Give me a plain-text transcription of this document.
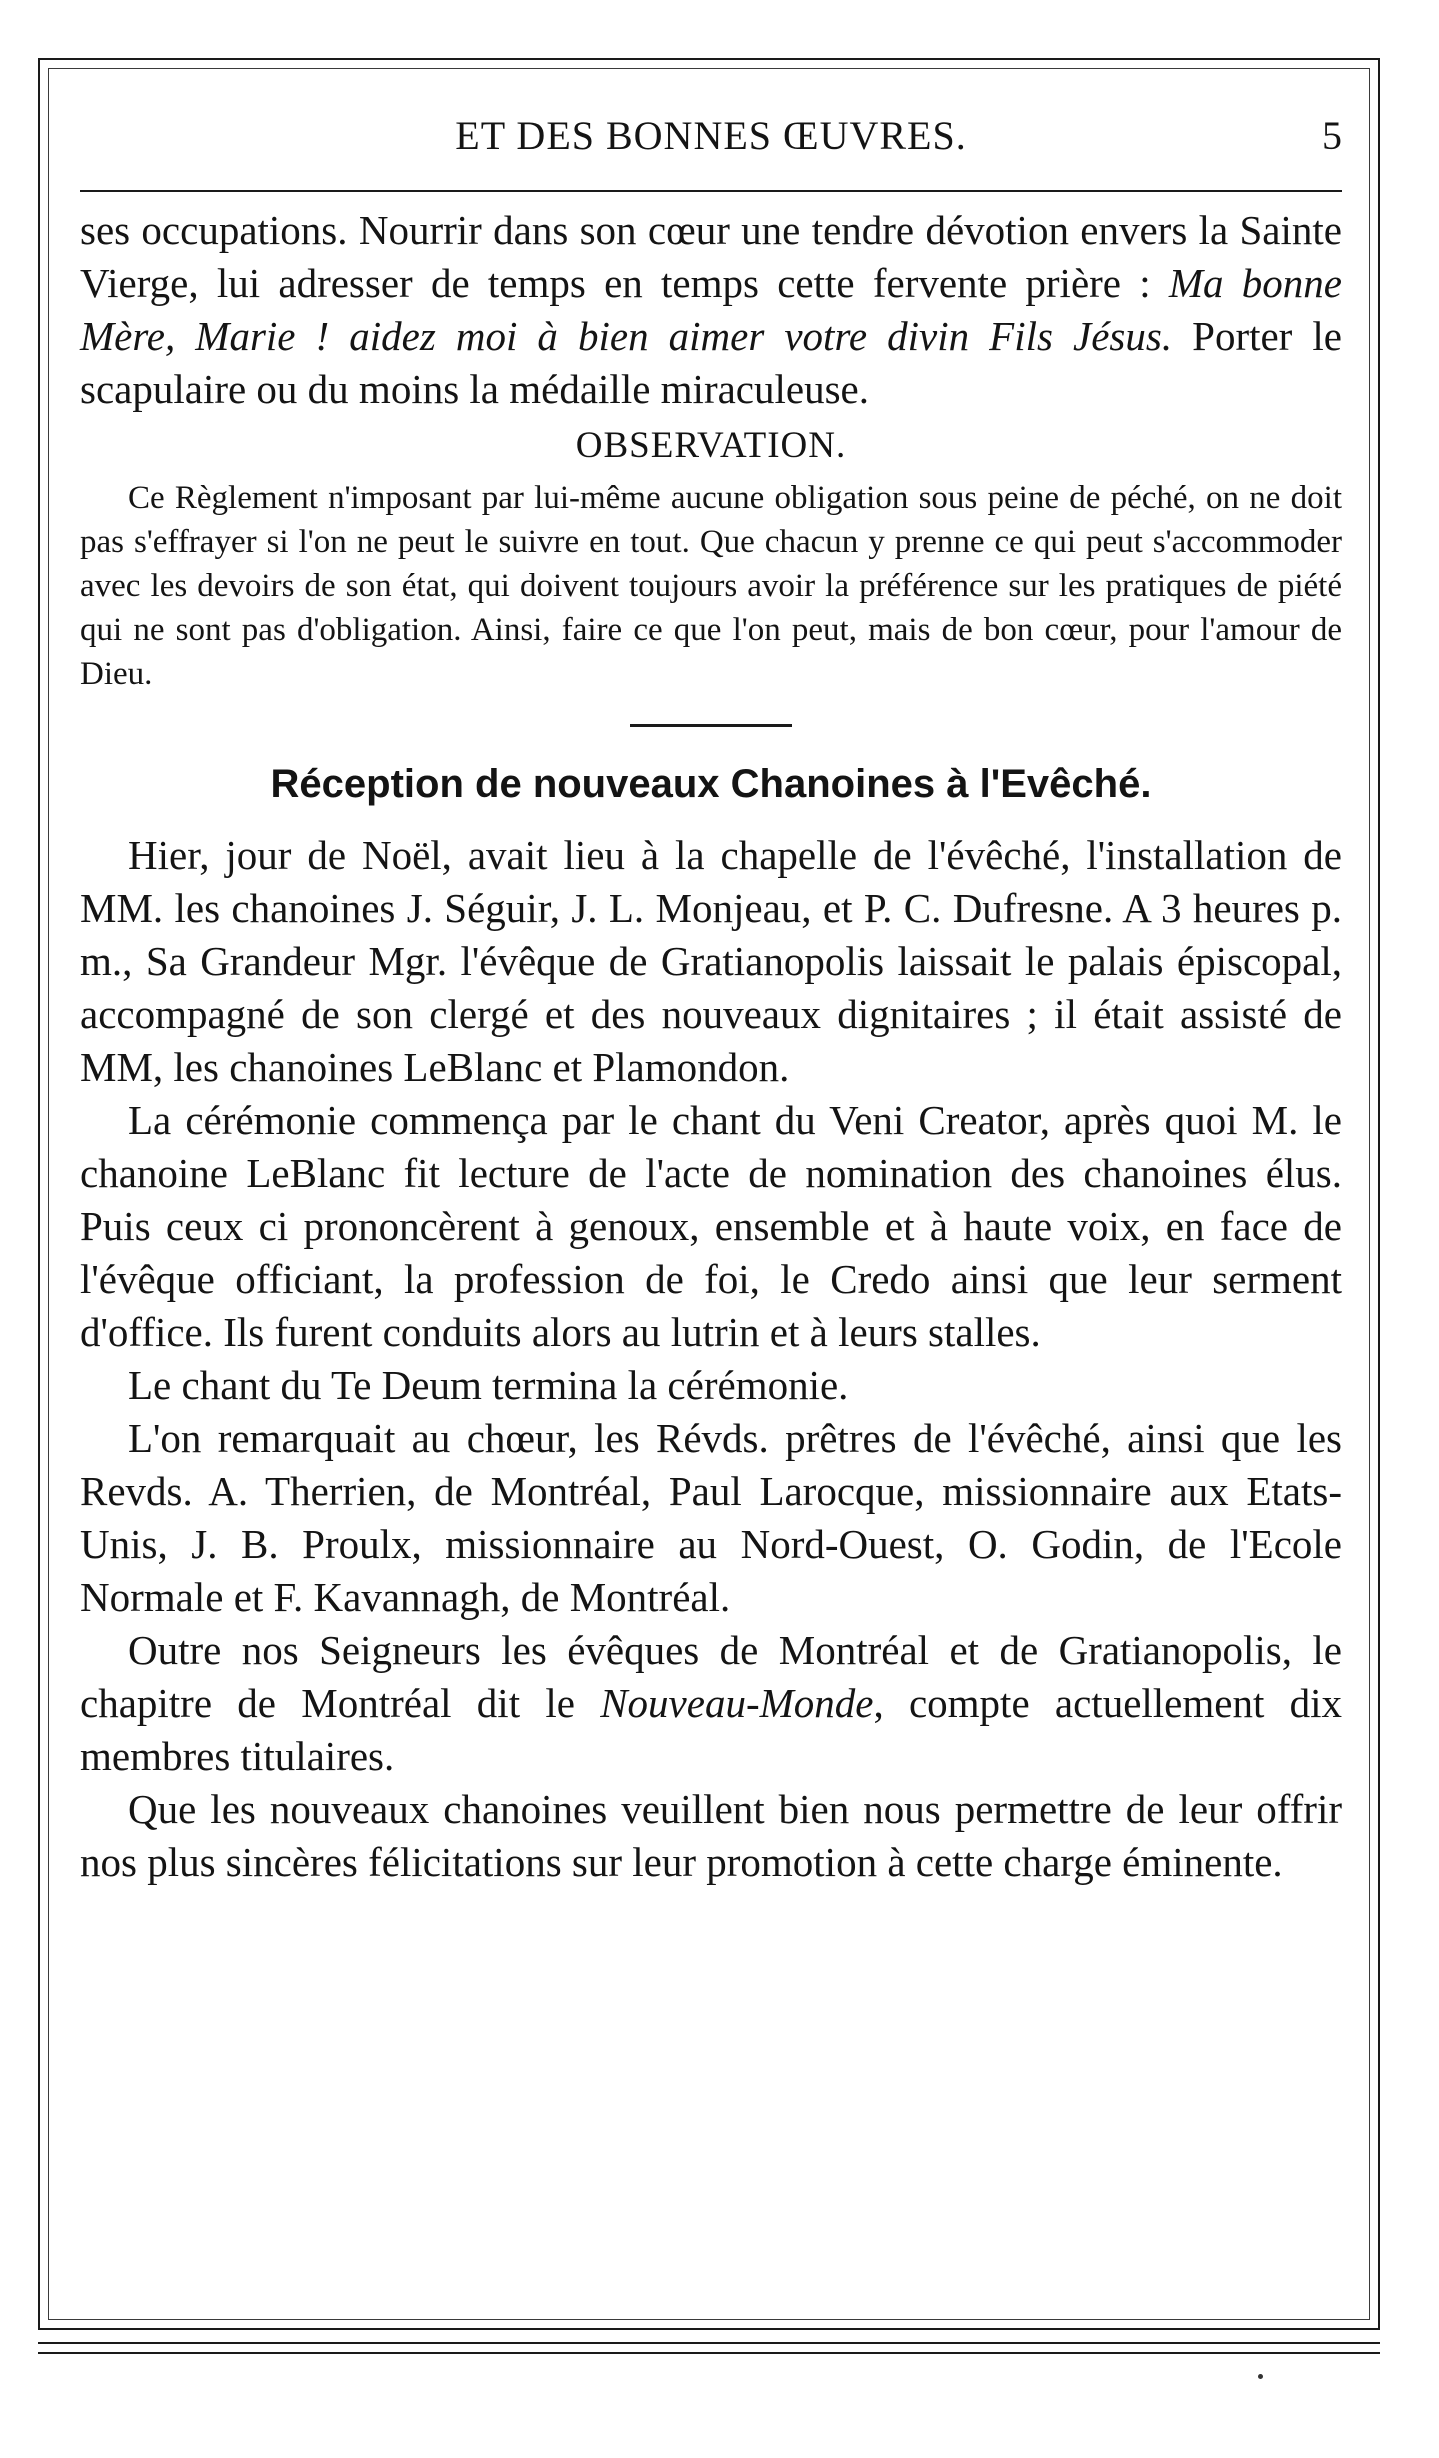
ET DES BONNES ŒUVRES.	5

ses occupations. Nourrir dans son cœur une tendre dévotion envers la Sainte Vierge, lui adresser de temps en temps cette fervente prière : Ma bonne Mère, Marie ! aidez moi à bien aimer votre divin Fils Jésus. Porter le scapulaire ou du moins la médaille miraculeuse.

OBSERVATION.

Ce Règlement n'imposant par lui-même aucune obligation sous peine de péché, on ne doit pas s'effrayer si l'on ne peut le suivre en tout. Que chacun y prenne ce qui peut s'accommoder avec les devoirs de son état, qui doivent toujours avoir la préférence sur les pratiques de piété qui ne sont pas d'obligation. Ainsi, faire ce que l'on peut, mais de bon cœur, pour l'amour de Dieu.

Réception de nouveaux Chanoines à l'Evêché.

Hier, jour de Noël, avait lieu à la chapelle de l'évêché, l'installation de MM. les chanoines J. Séguir, J. L. Monjeau, et P. C. Dufresne. A 3 heures p. m., Sa Grandeur Mgr. l'évêque de Gratianopolis laissait le palais épiscopal, accompagné de son clergé et des nouveaux dignitaires ; il était assisté de MM, les chanoines LeBlanc et Plamondon.

La cérémonie commença par le chant du Veni Creator, après quoi M. le chanoine LeBlanc fit lecture de l'acte de nomination des chanoines élus. Puis ceux ci prononcèrent à genoux, ensemble et à haute voix, en face de l'évêque officiant, la profession de foi, le Credo ainsi que leur serment d'office. Ils furent conduits alors au lutrin et à leurs stalles.

Le chant du Te Deum termina la cérémonie.

L'on remarquait au chœur, les Révds. prêtres de l'évêché, ainsi que les Revds. A. Therrien, de Montréal, Paul Larocque, missionnaire aux Etats-Unis, J. B. Proulx, missionnaire au Nord-Ouest, O. Godin, de l'Ecole Normale et F. Kavannagh, de Montréal.

Outre nos Seigneurs les évêques de Montréal et de Gratianopolis, le chapitre de Montréal dit le Nouveau-Monde, compte actuellement dix membres titulaires.

Que les nouveaux chanoines veuillent bien nous permettre de leur offrir nos plus sincères félicitations sur leur promotion à cette charge éminente.
